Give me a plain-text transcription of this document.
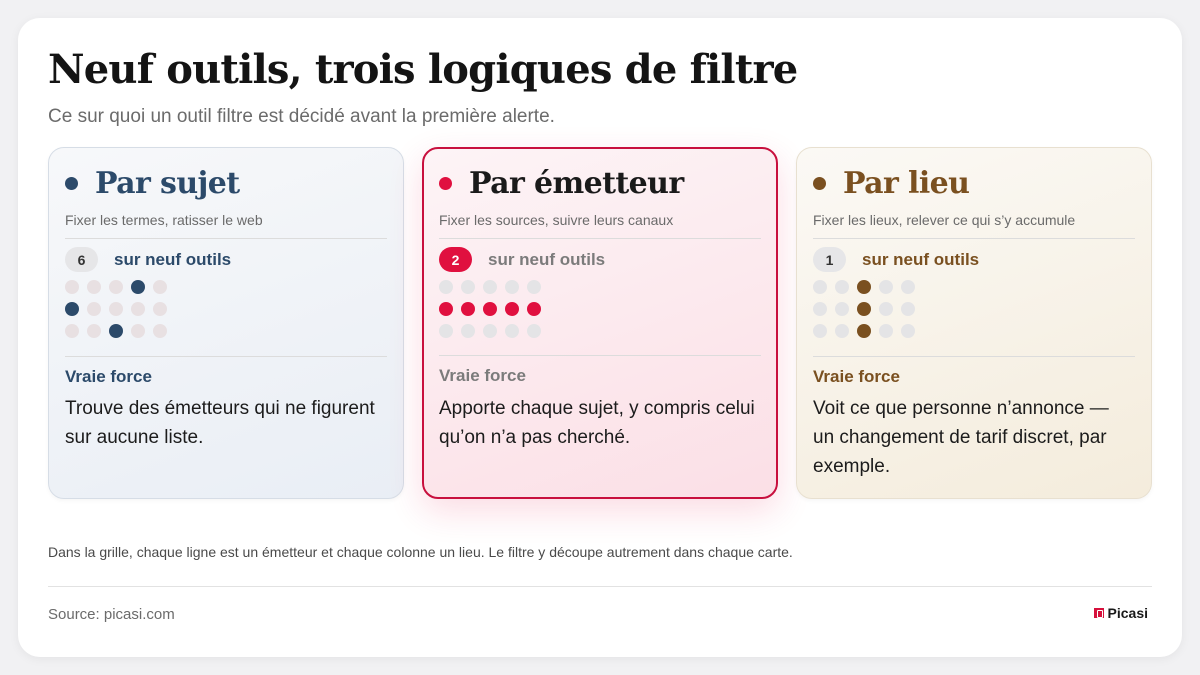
Neuf outils, trois logiques de filtre

Ce sur quoi un outil filtre est décidé avant la première alerte.

Par sujet
Fixer les termes, ratisser le web
6	sur neuf outils
Vraie force
Trouve des émetteurs qui ne figurent sur aucune liste.
Par émetteur
Fixer les sources, suivre leurs canaux
2	sur neuf outils
Vraie force
Apporte chaque sujet, y compris celui qu’on n’a pas cherché.
Par lieu
Fixer les lieux, relever ce qui s’y accumule
1	sur neuf outils
Vraie force
Voit ce que personne n’annonce — un changement de tarif discret, par exemple.

Dans la grille, chaque ligne est un émetteur et chaque colonne un lieu. Le filtre y découpe autrement dans chaque carte.

Source: picasi.com	Picasi
